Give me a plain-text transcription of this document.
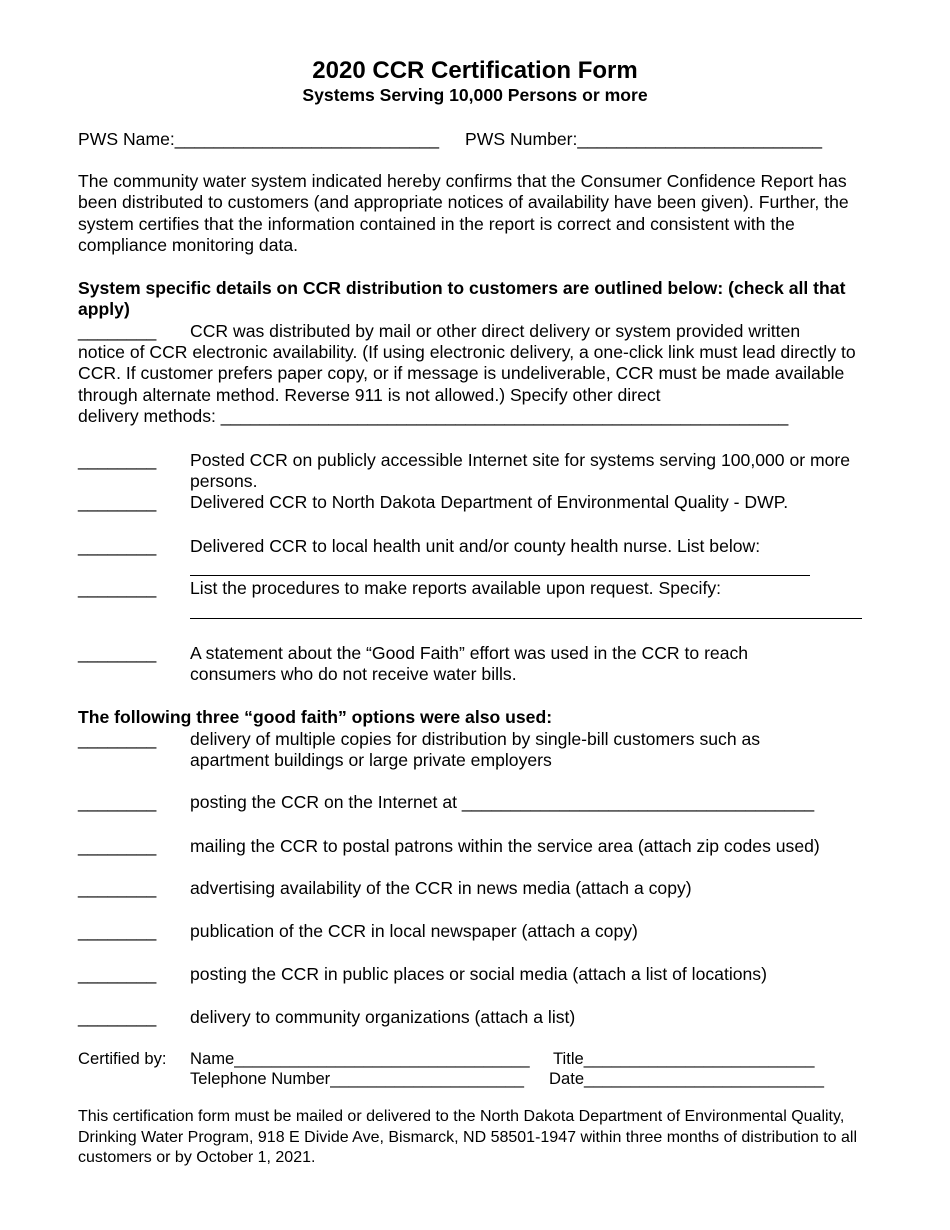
2020 CCR Certification Form
Systems Serving 10,000 Persons or more
PWS Name:___________________________ PWS Number:_________________________
The community water system indicated hereby confirms that the Consumer Confidence Report has been distributed to customers (and appropriate notices of availability have been given). Further, the system certifies that the information contained in the report is correct and consistent with the compliance monitoring data.
System specific details on CCR distribution to customers are outlined below: (check all that apply)
________ CCR was distributed by mail or other direct delivery or system provided written
notice of CCR electronic availability. (If using electronic delivery, a one-click link must lead directly to CCR. If customer prefers paper copy, or if message is undeliverable, CCR must be made available through alternate method. Reverse 911 is not allowed.) Specify other direct
delivery methods: __________________________________________________________
________ Posted CCR on publicly accessible Internet site for systems serving 100,000 or more persons.
________ Delivered CCR to North Dakota Department of Environmental Quality - DWP.
________ Delivered CCR to local health unit and/or county health nurse. List below:
________ List the procedures to make reports available upon request. Specify:
________ A statement about the “Good Faith” effort was used in the CCR to reach consumers who do not receive water bills.
The following three “good faith” options were also used:
________ delivery of multiple copies for distribution by single-bill customers such as apartment buildings or large private employers
________ posting the CCR on the Internet at ____________________________________
________ mailing the CCR to postal patrons within the service area (attach zip codes used)
________ advertising availability of the CCR in news media (attach a copy)
________ publication of the CCR in local newspaper (attach a copy)
________ posting the CCR in public places or social media (attach a list of locations)
________ delivery to community organizations (attach a list)
Certified by: Name________________________________ Title_________________________
Telephone Number_____________________ Date__________________________
This certification form must be mailed or delivered to the North Dakota Department of Environmental Quality, Drinking Water Program, 918 E Divide Ave, Bismarck, ND 58501-1947 within three months of distribution to all customers or by October 1, 2021.
